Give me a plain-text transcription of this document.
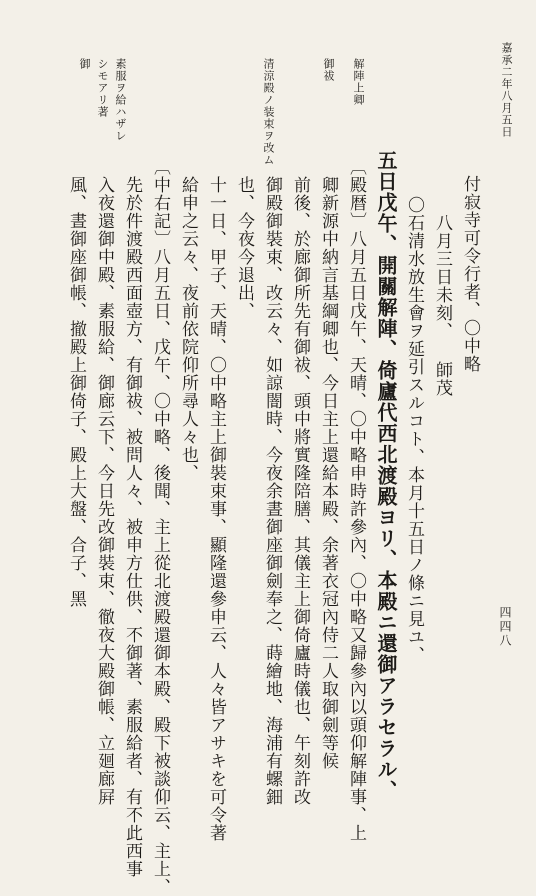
嘉承二年八月五日
四四八
解陣上卿
御祓
清涼殿ノ装束ヲ改ム
素服ヲ給ハザレ
シモアリ著
御
付寂寺可令行者、〇中略
八月三日未刻、 師茂
〇石清水放生會ヲ延引スルコト、本月十五日ノ條ニ見ユ、
五日戊午、開關解陣、倚廬代西北渡殿ヨリ、本殿ニ還御アラセラル、
〔殿暦〕八月五日戊午、天晴、〇中略申時許參內、〇中略又歸參內以頭仰解陣事、上
卿新源中納言基綱卿也、今日主上還給本殿、余著衣冠內侍二人取御劍等候
前後、於廊御所先有御祓、頭中將實隆陪膳、其儀主上御倚廬時儀也、午刻許改
御殿御裝束、改云々、如諒闇時、今夜余晝御座御劍奉之、蒔繪地、海浦有螺鈿
也、今夜今退出、
十一日、甲子、天晴、〇中略主上御裝束事、顯隆還參申云、人々皆アサキを可令著
給申之云々、夜前依院仰所尋人々也、
〔中右記〕八月五日、戊午、〇中略、後聞、主上從北渡殿還御本殿、殿下被談仰云、主上、
先於件渡殿西面壺方、有御祓、被問人々、被申方仕供、不御著、素服給者、有不此西事
入夜還御中殿、素服給、御廊云下、今日先改御裝束、徹夜大殿御帳、立廻廊屛
風、晝御座御帳、撤殿上御倚子、殿上大盤、合子、黑
